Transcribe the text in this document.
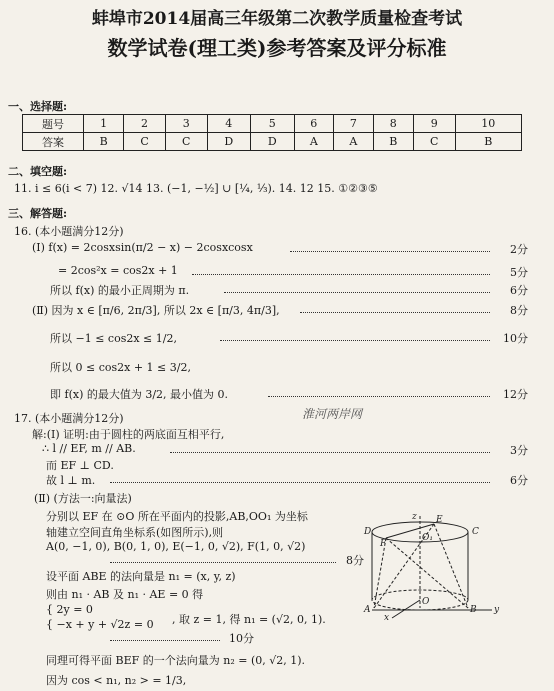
蚌埠市2014届高三年级第二次教学质量检查考试
数学试卷(理工类)参考答案及评分标准
一、选择题:
题号	1	2	3	4	5	6	7	8	9	10
答案	B	C	C	D	D	A	A	B	C	B
二、填空题:
11. i ≤ 6(i < 7) 12. √14 13. (−1, −½] ∪ [¼, ⅓). 14. 12 15. ①②③⑤
三、解答题:
16. (本小题满分12分)
(Ⅰ) f(x) = 2cosxsin(π/2 − x) − 2cosxcosx	2分
= 2cos²x = cos2x + 1	5分
所以 f(x) 的最小正周期为 π.	6分
(Ⅱ) 因为 x ∈ [π/6, 2π/3], 所以 2x ∈ [π/3, 4π/3],	8分
所以 −1 ≤ cos2x ≤ 1/2,	10分
所以 0 ≤ cos2x + 1 ≤ 3/2,
即 f(x) 的最大值为 3/2, 最小值为 0.	12分
淮河两岸网
17. (本小题满分12分)
解:(Ⅰ) 证明:由于圆柱的两底面互相平行,
∴ l // EF, m // AB.	3分
而 EF ⊥ CD.
故 l ⊥ m.	6分
(Ⅱ) (方法一:向量法)
分别以 EF 在 ⊙O 所在平面内的投影,AB,OO₁ 为坐标
轴建立空间直角坐标系(如图所示),则
A(0, −1, 0), B(0, 1, 0), E(−1, 0, √2), F(1, 0, √2)
8分
设平面 ABE 的法向量是 n₁ = (x, y, z)
则由 n₁ · AB 及 n₁ · AE = 0 得
{ 2y = 0
{ −x + y + √2z = 0 , 取 z = 1, 得 n₁ = (√2, 0, 1).
10分
同理可得平面 BEF 的一个法向量为 n₂ = (0, √2, 1).
因为 cos < n₁, n₂ > = 1/3,
D	C
E
F
O₁
z
O
A	B y
x
